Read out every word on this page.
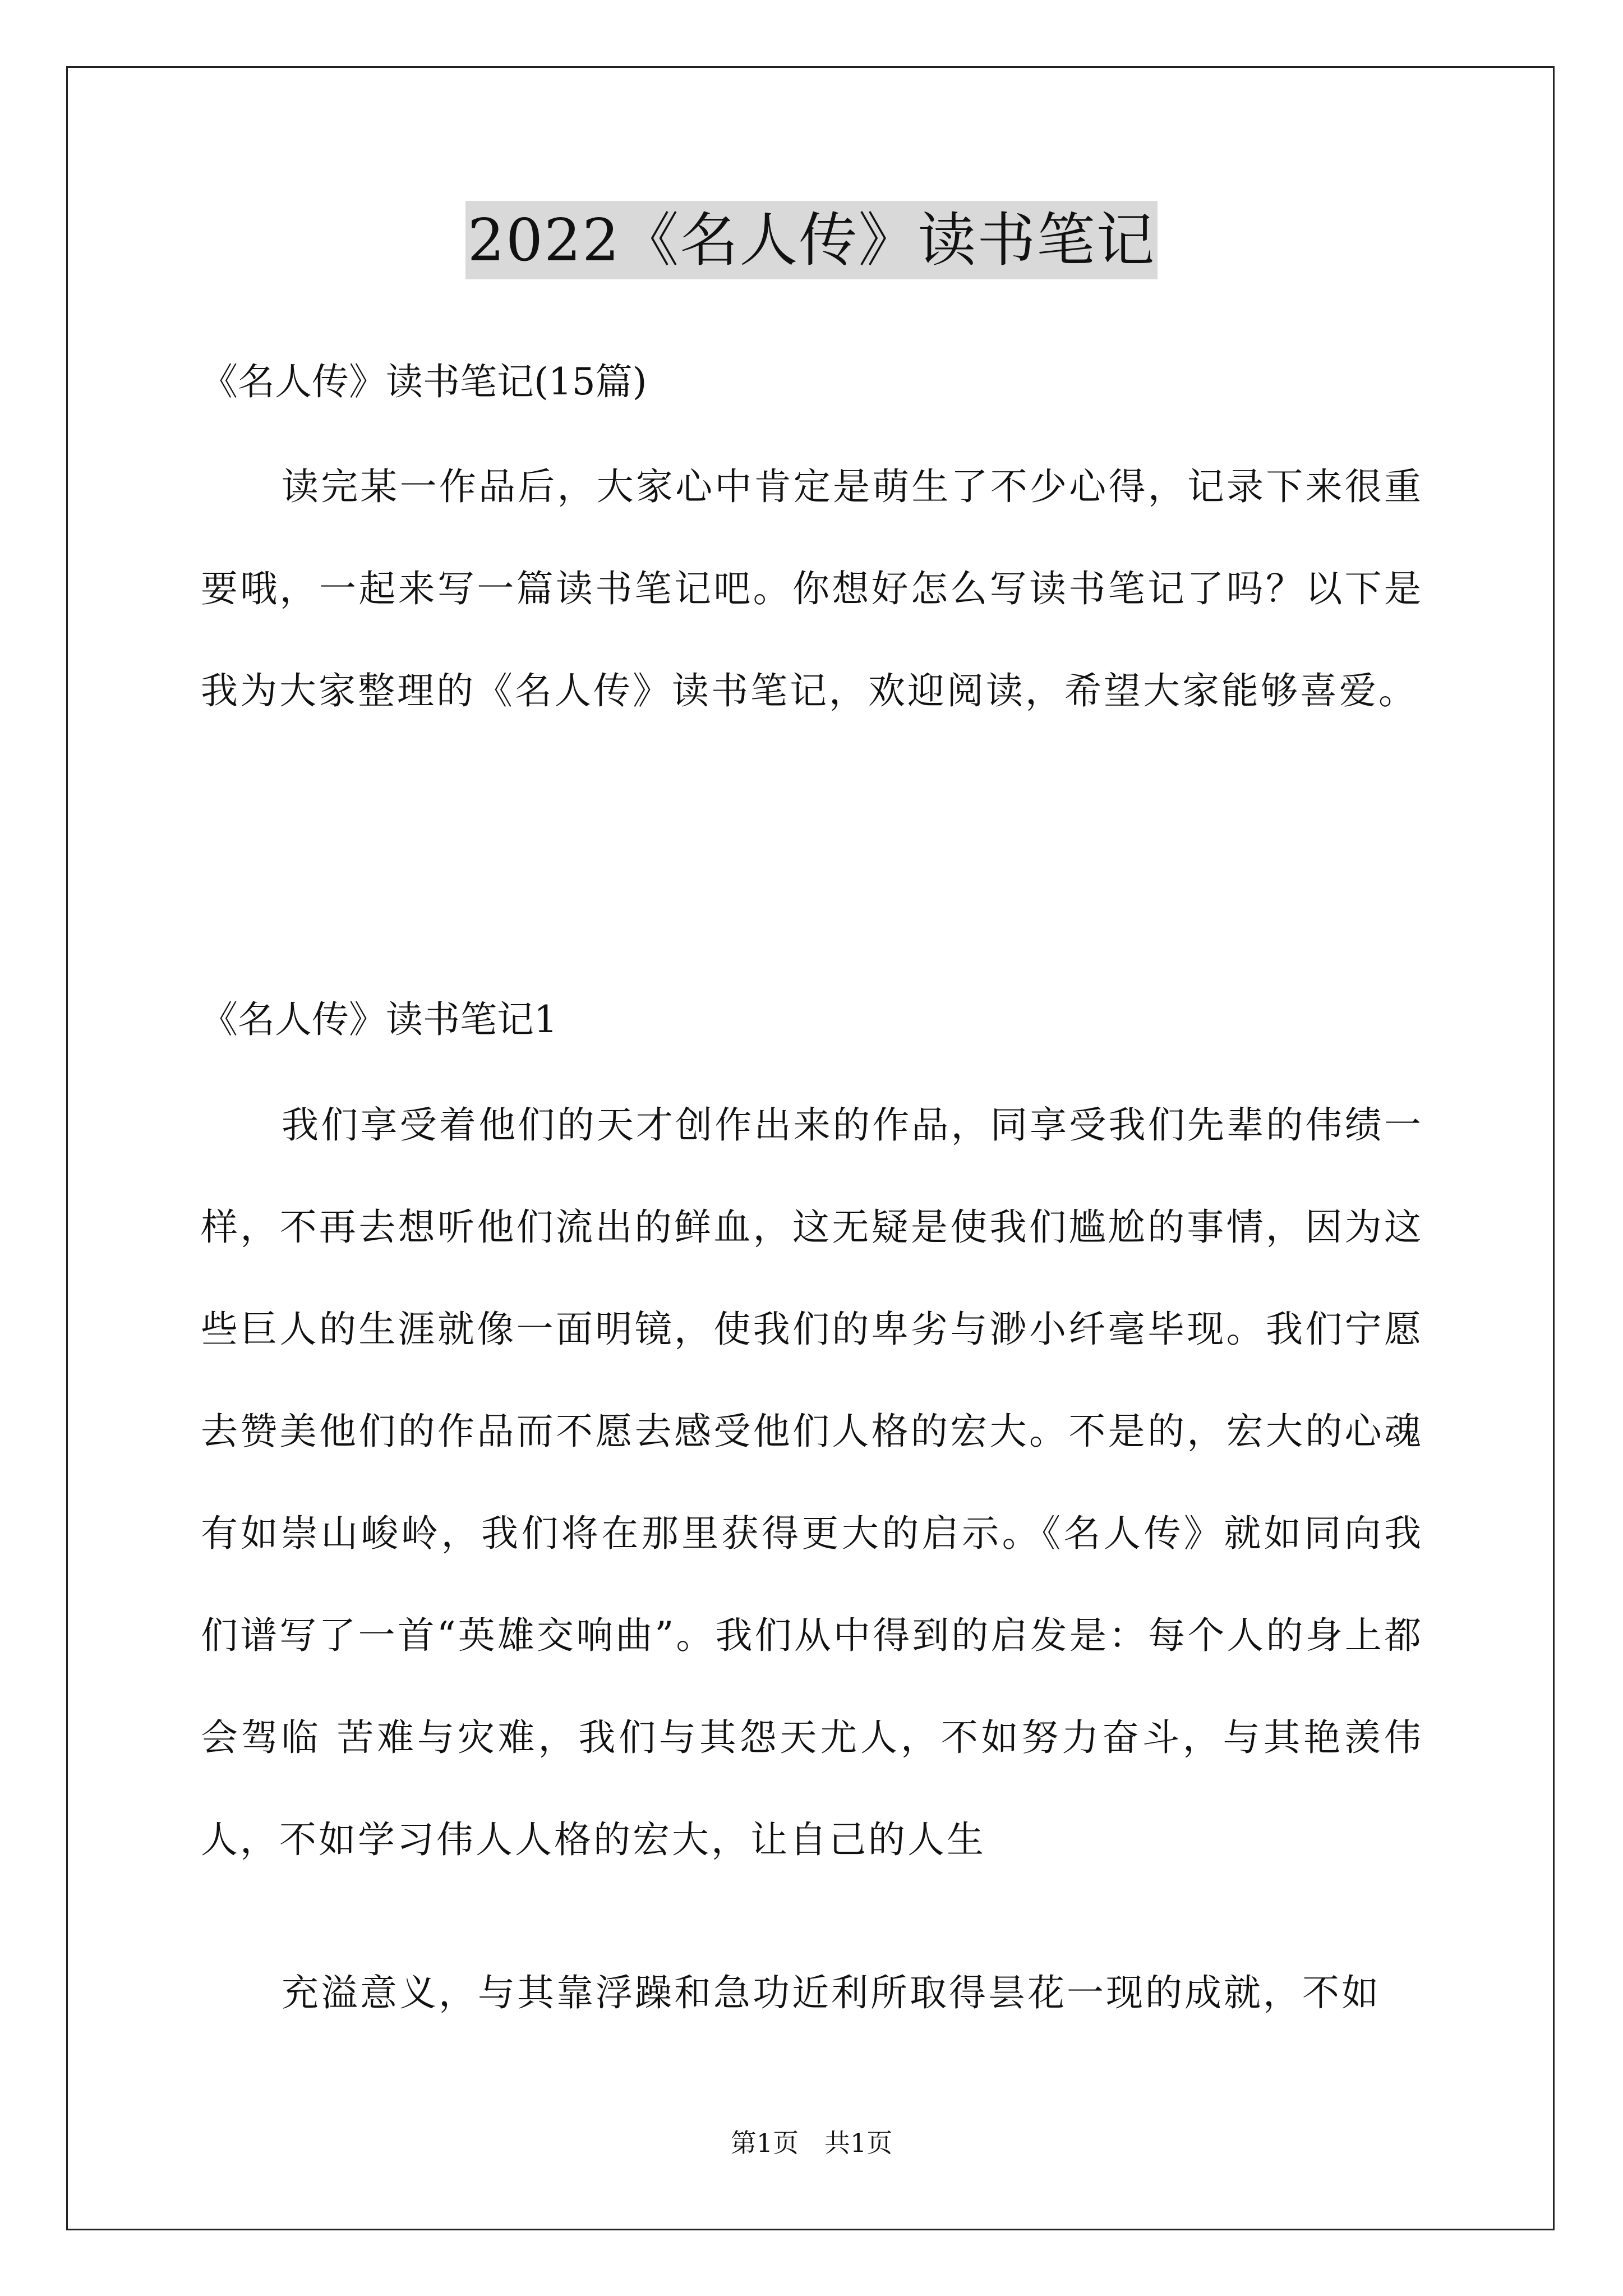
2022《名人传》读书笔记
《名人传》读书笔记(15篇)
读完某一作品后，大家心中肯定是萌生了不少心得，记录下来很重要哦，一起来写一篇读书笔记吧。你想好怎么写读书笔记了吗？以下是我为大家整理的《名人传》读书笔记，欢迎阅读，希望大家能够喜爱。
《名人传》读书笔记1
我们享受着他们的天才创作出来的作品，同享受我们先辈的伟绩一样，不再去想听他们流出的鲜血，这无疑是使我们尴尬的事情，因为这些巨人的生涯就像一面明镜，使我们的卑劣与渺小纤毫毕现。我们宁愿去赞美他们的作品而不愿去感受他们人格的宏大。不是的，宏大的心魂有如崇山峻岭，我们将在那里获得更大的启示。《名人传》就如同向我们谱写了一首“英雄交响曲”。我们从中得到的启发是：每个人的身上都会驾临 苦难与灾难，我们与其怨天尤人，不如努力奋斗，与其艳羡伟人，不如学习伟人人格的宏大，让自己的人生
充溢意义，与其靠浮躁和急功近利所取得昙花一现的成就，不如
第1页　共1页
